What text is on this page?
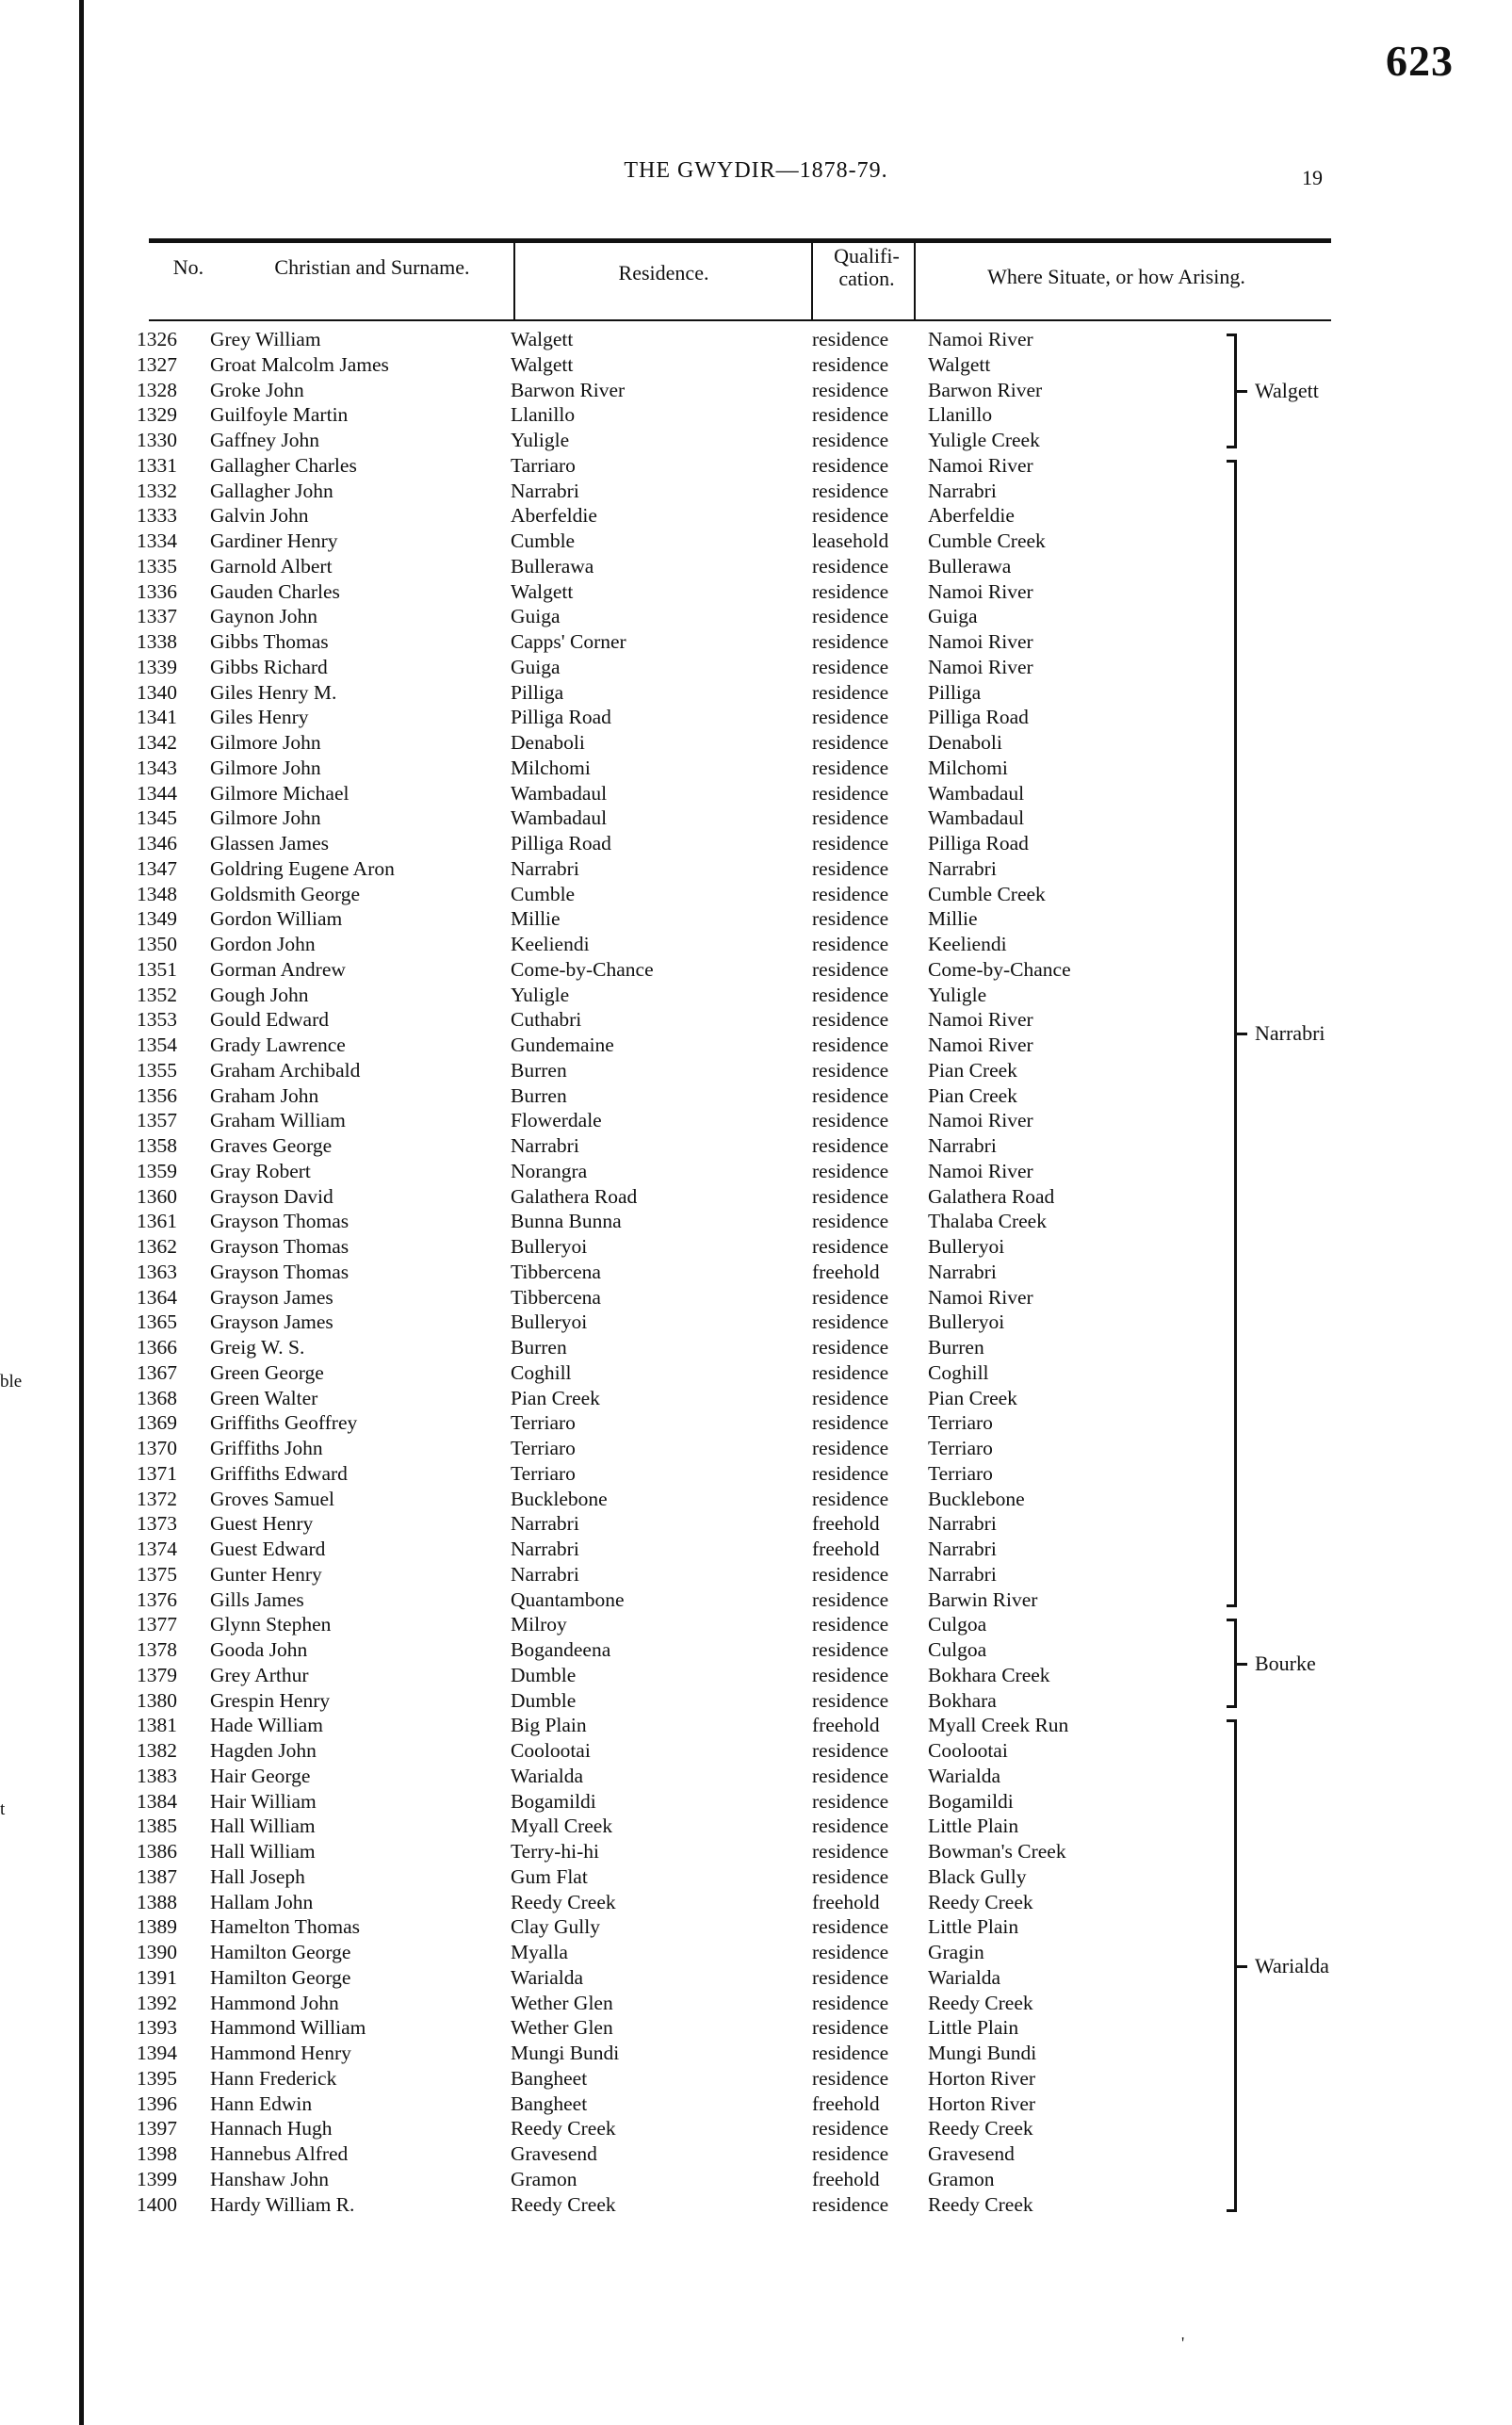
ble
t
623
THE GWYDIR—1878-79.	19
No.	Christian and Surname.	Residence.
Qualifi-
cation.	Where Situate, or how Arising.
1326 Grey William	Walgett	residence Namoi River
1327 Groat Malcolm James	Walgett	residence Walgett
1328 Groke John	Barwon River	residence Barwon River
1329 Guilfoyle Martin	Llanillo	residence Llanillo
1330 Gaffney John	Yuligle	residence Yuligle Creek
1331 Gallagher Charles	Tarriaro	residence Namoi River
1332 Gallagher John	Narrabri	residence Narrabri
1333 Galvin John	Aberfeldie	residence Aberfeldie
1334 Gardiner Henry	Cumble	leasehold Cumble Creek
1335 Garnold Albert	Bullerawa	residence Bullerawa
1336 Gauden Charles	Walgett	residence Namoi River
1337 Gaynon John	Guiga	residence Guiga
1338 Gibbs Thomas	Capps' Corner	residence Namoi River
1339 Gibbs Richard	Guiga	residence Namoi River
1340 Giles Henry M.	Pilliga	residence Pilliga
1341 Giles Henry	Pilliga Road	residence Pilliga Road
1342 Gilmore John	Denaboli	residence Denaboli
1343 Gilmore John	Milchomi	residence Milchomi
1344 Gilmore Michael	Wambadaul	residence Wambadaul
1345 Gilmore John	Wambadaul	residence Wambadaul
1346 Glassen James	Pilliga Road	residence Pilliga Road
1347 Goldring Eugene Aron	Narrabri	residence Narrabri
1348 Goldsmith George	Cumble	residence Cumble Creek
1349 Gordon William	Millie	residence Millie
1350 Gordon John	Keeliendi	residence Keeliendi
1351 Gorman Andrew	Come-by-Chance	residence Come-by-Chance
1352 Gough John	Yuligle	residence Yuligle
1353 Gould Edward	Cuthabri	residence Namoi River
1354 Grady Lawrence	Gundemaine	residence Namoi River
1355 Graham Archibald	Burren	residence Pian Creek
1356 Graham John	Burren	residence Pian Creek
1357 Graham William	Flowerdale	residence Namoi River
1358 Graves George	Narrabri	residence Narrabri
1359 Gray Robert	Norangra	residence Namoi River
1360 Grayson David	Galathera Road	residence Galathera Road
1361 Grayson Thomas	Bunna Bunna	residence Thalaba Creek
1362 Grayson Thomas	Bulleryoi	residence Bulleryoi
1363 Grayson Thomas	Tibbercena	freehold Narrabri
1364 Grayson James	Tibbercena	residence Namoi River
1365 Grayson James	Bulleryoi	residence Bulleryoi
1366 Greig W. S.	Burren	residence Burren
1367 Green George	Coghill	residence Coghill
1368 Green Walter	Pian Creek	residence Pian Creek
1369 Griffiths Geoffrey	Terriaro	residence Terriaro
1370 Griffiths John	Terriaro	residence Terriaro
1371 Griffiths Edward	Terriaro	residence Terriaro
1372 Groves Samuel	Bucklebone	residence Bucklebone
1373 Guest Henry	Narrabri	freehold Narrabri
1374 Guest Edward	Narrabri	freehold Narrabri
1375 Gunter Henry	Narrabri	residence Narrabri
1376 Gills James	Quantambone	residence Barwin River
1377 Glynn Stephen	Milroy	residence Culgoa
1378 Gooda John	Bogandeena	residence Culgoa
1379 Grey Arthur	Dumble	residence Bokhara Creek
1380 Grespin Henry	Dumble	residence Bokhara
1381 Hade William	Big Plain	freehold Myall Creek Run
1382 Hagden John	Coolootai	residence Coolootai
1383 Hair George	Warialda	residence Warialda
1384 Hair William	Bogamildi	residence Bogamildi
1385 Hall William	Myall Creek	residence Little Plain
1386 Hall William	Terry-hi-hi	residence Bowman's Creek
1387 Hall Joseph	Gum Flat	residence Black Gully
1388 Hallam John	Reedy Creek	freehold Reedy Creek
1389 Hamelton Thomas	Clay Gully	residence Little Plain
1390 Hamilton George	Myalla	residence Gragin
1391 Hamilton George	Warialda	residence Warialda
1392 Hammond John	Wether Glen	residence Reedy Creek
1393 Hammond William	Wether Glen	residence Little Plain
1394 Hammond Henry	Mungi Bundi	residence Mungi Bundi
1395 Hann Frederick	Bangheet	residence Horton River
1396 Hann Edwin	Bangheet	freehold Horton River
1397 Hannach Hugh	Reedy Creek	residence Reedy Creek
1398 Hannebus Alfred	Gravesend	residence Gravesend
1399 Hanshaw John	Gramon	freehold Gramon
1400 Hardy William R.	Reedy Creek	residence Reedy Creek
Walgett
Narrabri
Bourke
Warialda
'
